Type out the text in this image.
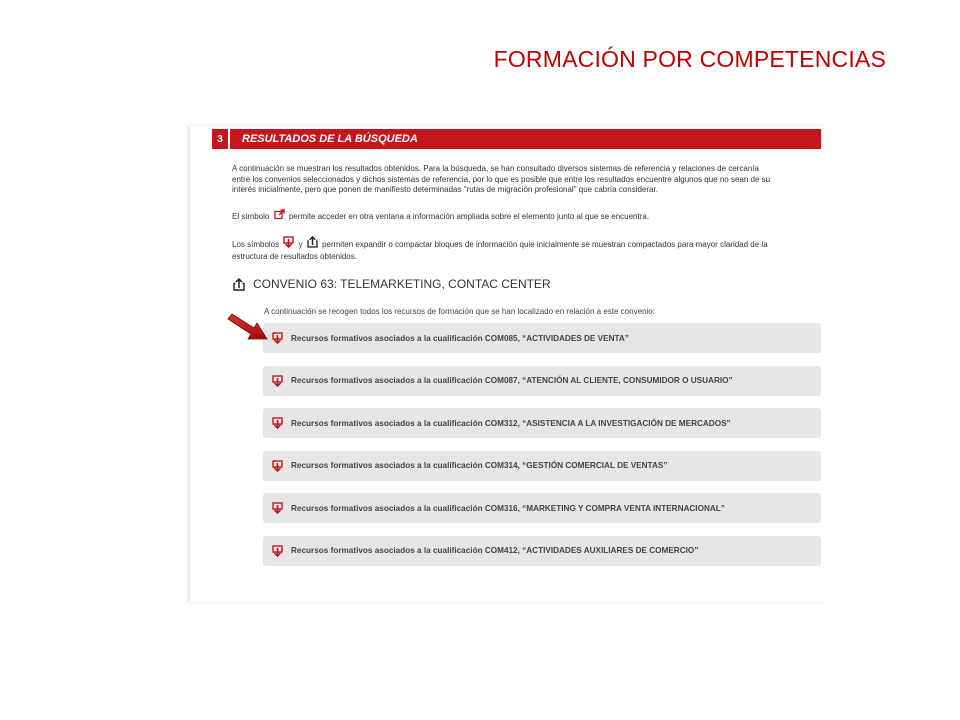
FORMACIÓN POR COMPETENCIAS
3	RESULTADOS DE LA BÚSQUEDA
A continuación se muestran los resultados obtenidos. Para la búsqueda, se han consultado diversos sistemas de referencia y relaciones de cercanía
entre los convenios seleccionados y dichos sistemas de referencia, por lo que es posible que entre los resultados encuentre algunos que no sean de su
interés inicialmente, pero que ponen de manifiesto determinadas "rutas de migración profesional" que cabría considerar.
El símbolo permite acceder en otra ventana a información ampliada sobre el elemento junto al que se encuentra.
Los símbolos y permiten expandir o compactar bloques de información quie inicialmente se muestran compactados para mayor claridad de la
estructura de resultados obtenidos.
CONVENIO 63: TELEMARKETING, CONTAC CENTER
A continuación se recogen todos los recursos de formación que se han localizado en relación a este convenio:
Recursos formativos asociados a la cualificación COM085, “ACTIVIDADES DE VENTA”
Recursos formativos asociados a la cualificación COM087, “ATENCIÓN AL CLIENTE, CONSUMIDOR O USUARIO”
Recursos formativos asociados a la cualificación COM312, “ASISTENCIA A LA INVESTIGACIÓN DE MERCADOS”
Recursos formativos asociados a la cualificación COM314, “GESTIÓN COMERCIAL DE VENTAS”
Recursos formativos asociados a la cualificación COM316, “MARKETING Y COMPRA VENTA INTERNACIONAL”
Recursos formativos asociados a la cualificación COM412, “ACTIVIDADES AUXILIARES DE COMERCIO”
